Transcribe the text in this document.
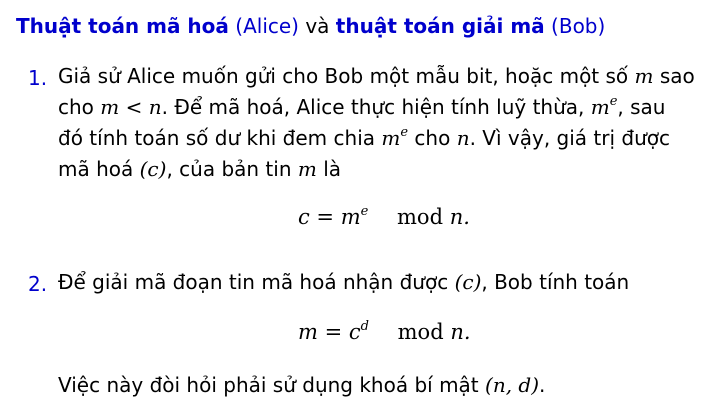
Thuật toán mã hoá (Alice) và thuật toán giải mã (Bob)
1. Giả sử Alice muốn gửi cho Bob một mẫu bit, hoặc một số m sao
cho m < n. Để mã hoá, Alice thực hiện tính luỹ thừa, $m^e$, sau
đó tính toán số dư khi đem chia $m^e$ cho n. Vì vậy, giá trị được
mã hoá (c), của bản tin m là
$c = m^e$ mod n.
2. Để giải mã đoạn tin mã hoá nhận được (c), Bob tính toán
$m = c^d$ mod n.
Việc này đòi hỏi phải sử dụng khoá bí mật (n, d).
